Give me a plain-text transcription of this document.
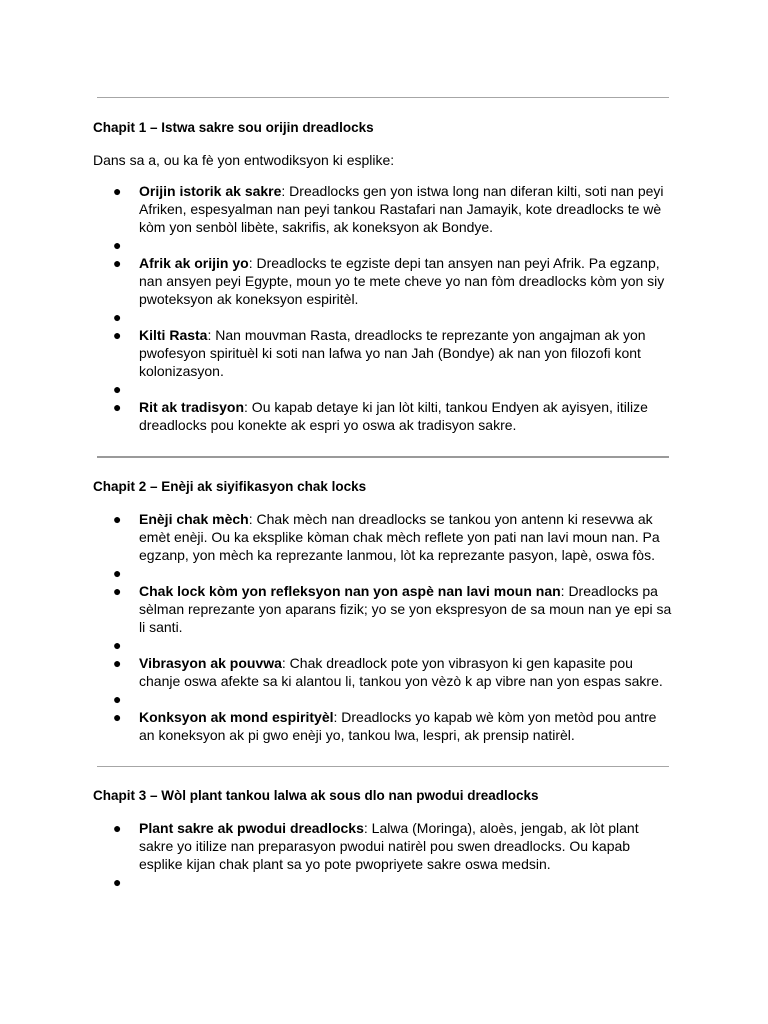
Chapit 1 – Istwa sakre sou orijin dreadlocks

Dans sa a, ou ka fè yon entwodiksyon ki esplike:

● Orijin istorik ak sakre: Dreadlocks gen yon istwa long nan diferan kilti, soti nan peyi Afriken, espesyalman nan peyi tankou Rastafari nan Jamayik, kote dreadlocks te wè kòm yon senbòl libète, sakrifis, ak koneksyon ak Bondye.
●
● Afrik ak orijin yo: Dreadlocks te egziste depi tan ansyen nan peyi Afrik. Pa egzanp, nan ansyen peyi Egypte, moun yo te mete cheve yo nan fòm dreadlocks kòm yon siy pwoteksyon ak koneksyon espiritèl.
●
● Kilti Rasta: Nan mouvman Rasta, dreadlocks te reprezante yon angajman ak yon pwofesyon spirituèl ki soti nan lafwa yo nan Jah (Bondye) ak nan yon filozofi kont kolonizasyon.
●
● Rit ak tradisyon: Ou kapab detaye ki jan lòt kilti, tankou Endyen ak ayisyen, itilize dreadlocks pou konekte ak espri yo oswa ak tradisyon sakre.
Chapit 2 – Enèji ak siyifikasyon chak locks
● Enèji chak mèch: Chak mèch nan dreadlocks se tankou yon antenn ki resevwa ak emèt enèji. Ou ka eksplike kòman chak mèch reflete yon pati nan lavi moun nan. Pa egzanp, yon mèch ka reprezante lanmou, lòt ka reprezante pasyon, lapè, oswa fòs.
●
● Chak lock kòm yon refleksyon nan yon aspè nan lavi moun nan: Dreadlocks pa sèlman reprezante yon aparans fizik; yo se yon ekspresyon de sa moun nan ye epi sa li santi.
●
● Vibrasyon ak pouvwa: Chak dreadlock pote yon vibrasyon ki gen kapasite pou chanje oswa afekte sa ki alantou li, tankou yon vèzò k ap vibre nan yon espas sakre.
●
● Konksyon ak mond espirityèl: Dreadlocks yo kapab wè kòm yon metòd pou antre an koneksyon ak pi gwo enèji yo, tankou lwa, lespri, ak prensip natirèl.
Chapit 3 – Wòl plant tankou lalwa ak sous dlo nan pwodui dreadlocks
● Plant sakre ak pwodui dreadlocks: Lalwa (Moringa), aloès, jengab, ak lòt plant sakre yo itilize nan preparasyon pwodui natirèl pou swen dreadlocks. Ou kapab esplike kijan chak plant sa yo pote pwopriyete sakre oswa medsin.
●
